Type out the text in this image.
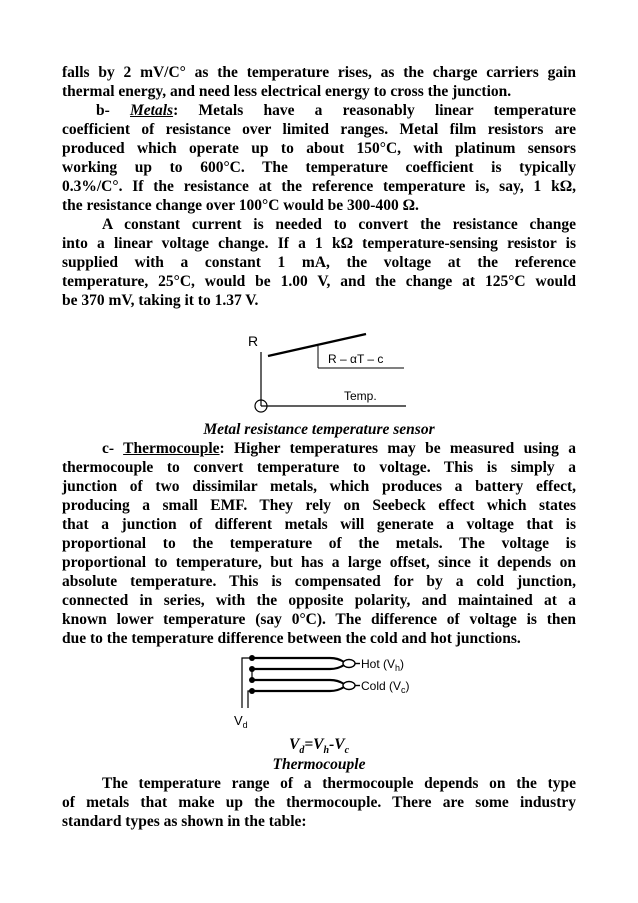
falls by 2 mV/C° as the temperature rises, as the charge carriers gain
thermal energy, and need less electrical energy to cross the junction.
b- Metals: Metals have a reasonably linear temperature
coefficient of resistance over limited ranges. Metal film resistors are
produced which operate up to about 150°C, with platinum sensors
working up to 600°C. The temperature coefficient is typically
0.3%/C°. If the resistance at the reference temperature is, say, 1 kΩ,
the resistance change over 100°C would be 300-400 Ω.
A constant current is needed to convert the resistance change
into a linear voltage change. If a 1 kΩ temperature-sensing resistor is
supplied with a constant 1 mA, the voltage at the reference
temperature, 25°C, would be 1.00 V, and the change at 125°C would
be 370 mV, taking it to 1.37 V.
R
R – αT – c
Temp.
Metal resistance temperature sensor
c- Thermocouple: Higher temperatures may be measured using a
thermocouple to convert temperature to voltage. This is simply a
junction of two dissimilar metals, which produces a battery effect,
producing a small EMF. They rely on Seebeck effect which states
that a junction of different metals will generate a voltage that is
proportional to the temperature of the metals. The voltage is
proportional to temperature, but has a large offset, since it depends on
absolute temperature. This is compensated for by a cold junction,
connected in series, with the opposite polarity, and maintained at a
known lower temperature (say 0°C). The difference of voltage is then
due to the temperature difference between the cold and hot junctions.
Hot $(V_h)$
Cold $(V_c)$
$V_d$
$V_d=V_h-V_c$
Thermocouple
The temperature range of a thermocouple depends on the type
of metals that make up the thermocouple. There are some industry
standard types as shown in the table:
